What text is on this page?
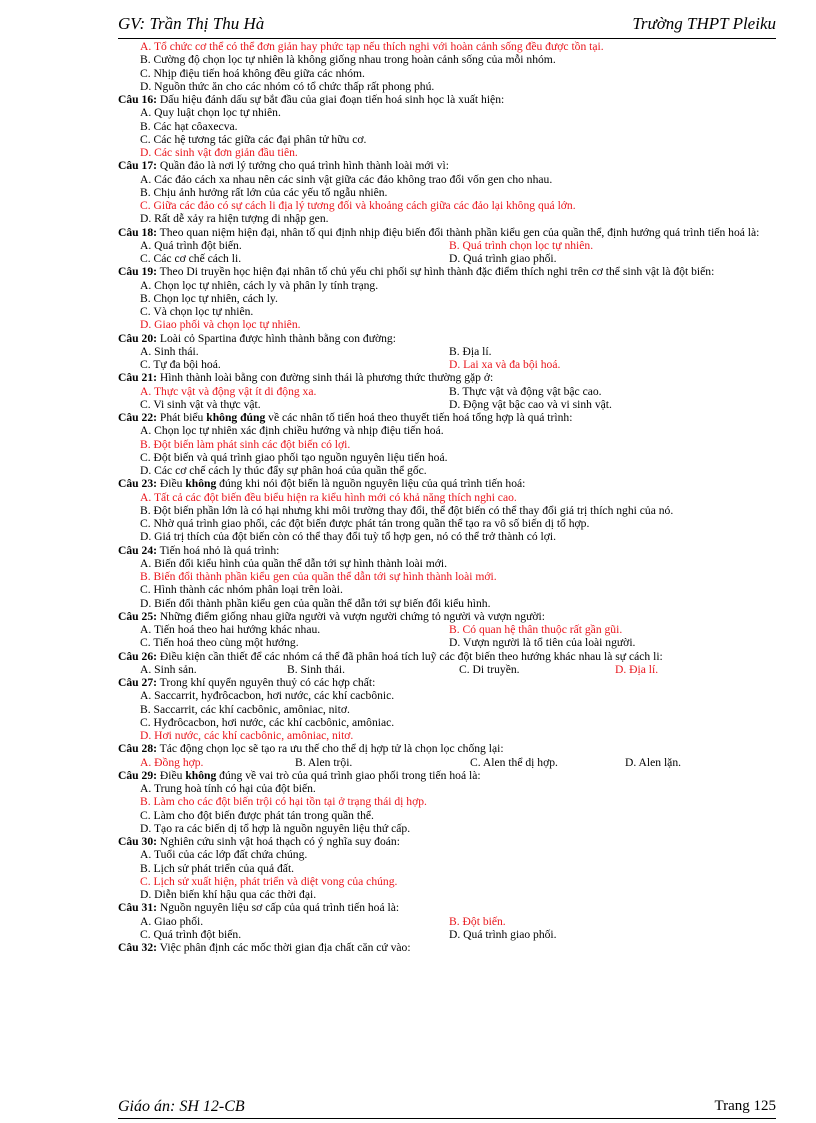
GV: Trần Thị Thu Hà	Trường THPT Pleiku
A. Tổ chức cơ thể có thể đơn giản hay phức tạp nếu thích nghi với hoàn cảnh sống đều được tồn tại.
B. Cường độ chọn lọc tự nhiên là không giống nhau trong hoàn cảnh sống của mỗi nhóm.
C. Nhịp điệu tiến hoá không đều giữa các nhóm.
D. Nguồn thức ăn cho các nhóm có tổ chức thấp rất phong phú.
Câu 16: Dấu hiệu đánh dấu sự bắt đầu của giai đoạn tiến hoá sinh học là xuất hiện:
A. Quy luật chọn lọc tự nhiên.
B. Các hạt côaxecva.
C. Các hệ tương tác giữa các đại phân tử hữu cơ.
D. Các sinh vật đơn giản đầu tiên.
Câu 17: Quần đảo là nơi lý tưởng cho quá trình hình thành loài mới vì:
A. Các đảo cách xa nhau nên các sinh vật giữa các đảo không trao đổi vốn gen cho nhau.
B. Chịu ảnh hưởng rất lớn của các yếu tố ngẫu nhiên.
C. Giữa các đảo có sự cách li địa lý tương đối và khoảng cách giữa các đảo lại không quá lớn.
D. Rất dễ xảy ra hiện tượng di nhập gen.
Câu 18: Theo quan niệm hiện đại, nhân tố qui định nhịp điệu biến đổi thành phần kiểu gen của quần thể, định hướng quá trình tiến hoá là:
A. Quá trình đột biến.	B. Quá trình chọn lọc tự nhiên.
C. Các cơ chế cách li.	D. Quá trình giao phối.
Câu 19: Theo Di truyền học hiện đại nhân tố chủ yếu chi phối sự hình thành đặc điểm thích nghi trên cơ thể sinh vật là đột biến:
A. Chọn lọc tự nhiên, cách ly và phân ly tính trạng.
B. Chọn lọc tự nhiên, cách ly.
C. Và chọn lọc tự nhiên.
D. Giao phối và chọn lọc tự nhiên.
Câu 20: Loài cỏ Spartina được hình thành bằng con đường:
A. Sinh thái.	B. Địa lí.
C. Tự đa bội hoá.	D. Lai xa và đa bội hoá.
Câu 21: Hình thành loài bằng con đường sinh thái là phương thức thường gặp ở:
A. Thực vật và động vật ít di động xa.	B. Thực vật và động vật bậc cao.
C. Vi sinh vật và thực vật.	D. Động vật bậc cao và vi sinh vật.
Câu 22: Phát biểu không đúng về các nhân tố tiến hoá theo thuyết tiến hoá tổng hợp là quá trình:
A. Chọn lọc tự nhiên xác định chiều hướng và nhịp điệu tiến hoá.
B. Đột biến làm phát sinh các đột biến có lợi.
C. Đột biến và quá trình giao phối tạo nguồn nguyên liệu tiến hoá.
D. Các cơ chế cách ly thúc đẩy sự phân hoá của quần thể gốc.
Câu 23: Điều không đúng khi nói đột biến là nguồn nguyên liệu của quá trình tiến hoá:
A. Tất cả các đột biến đều biểu hiện ra kiểu hình mới có khả năng thích nghi cao.
B. Đột biến phần lớn là có hại nhưng khi môi trường thay đổi, thể đột biến có thể thay đổi giá trị thích nghi của nó.
C. Nhờ quá trình giao phối, các đột biến được phát tán trong quần thể tạo ra vô số biến dị tổ hợp.
D. Giá trị thích của đột biến còn có thể thay đổi tuỳ tổ hợp gen, nó có thể trở thành có lợi.
Câu 24: Tiến hoá nhỏ là quá trình:
A. Biến đổi kiểu hình của quần thể dẫn tới sự hình thành loài mới.
B. Biến đổi thành phần kiểu gen của quần thể dẫn tới sự hình thành loài mới.
C. Hình thành các nhóm phân loại trên loài.
D. Biến đổi thành phần kiểu gen của quần thể dẫn tới sự biến đổi kiểu hình.
Câu 25: Những điểm giống nhau giữa người và vượn người chứng tỏ người và vượn người:
A. Tiến hoá theo hai hướng khác nhau.	B. Có quan hệ thân thuộc rất gần gũi.
C. Tiến hoá theo cùng một hướng.	D. Vượn người là tổ tiên của loài người.
Câu 26: Điều kiện cần thiết để các nhóm cá thể đã phân hoá tích luỹ các đột biến theo hướng khác nhau là sự cách li:
A. Sinh sản.	B. Sinh thái.	C. Di truyền.	D. Địa lí.
Câu 27: Trong khí quyển nguyên thuỷ có các hợp chất:
A. Saccarrit, hyđrôcacbon, hơi nước, các khí cacbônic.
B. Saccarrit, các khí cacbônic, amôniac, nitơ.
C. Hyđrôcacbon, hơi nước, các khí cacbônic, amôniac.
D. Hơi nước, các khí cacbônic, amôniac, nitơ.
Câu 28: Tác động chọn lọc sẽ tạo ra ưu thế cho thể dị hợp tử là chọn lọc chống lại:
A. Đồng hợp.	B. Alen trội.	C. Alen thể dị hợp.	D. Alen lặn.
Câu 29: Điều không đúng về vai trò của quá trình giao phối trong tiến hoá là:
A. Trung hoà tính có hại của đột biến.
B. Làm cho các đột biến trội có hại tồn tại ở trạng thái dị hợp.
C. Làm cho đột biến được phát tán trong quần thể.
D. Tạo ra các biến dị tổ hợp là nguồn nguyên liệu thứ cấp.
Câu 30: Nghiên cứu sinh vật hoá thạch có ý nghĩa suy đoán:
A. Tuổi của các lớp đất chứa chúng.
B. Lịch sử phát triển của quả đất.
C. Lịch sử xuất hiện, phát triển và diệt vong của chúng.
D. Diễn biến khí hậu qua các thời đại.
Câu 31: Nguồn nguyên liệu sơ cấp của quá trình tiến hoá là:
A. Giao phối.	B. Đột biến.
C. Quá trình đột biến.	D. Quá trình giao phối.
Câu 32: Việc phân định các mốc thời gian địa chất căn cứ vào:
Giáo án: SH 12-CB	Trang 125
